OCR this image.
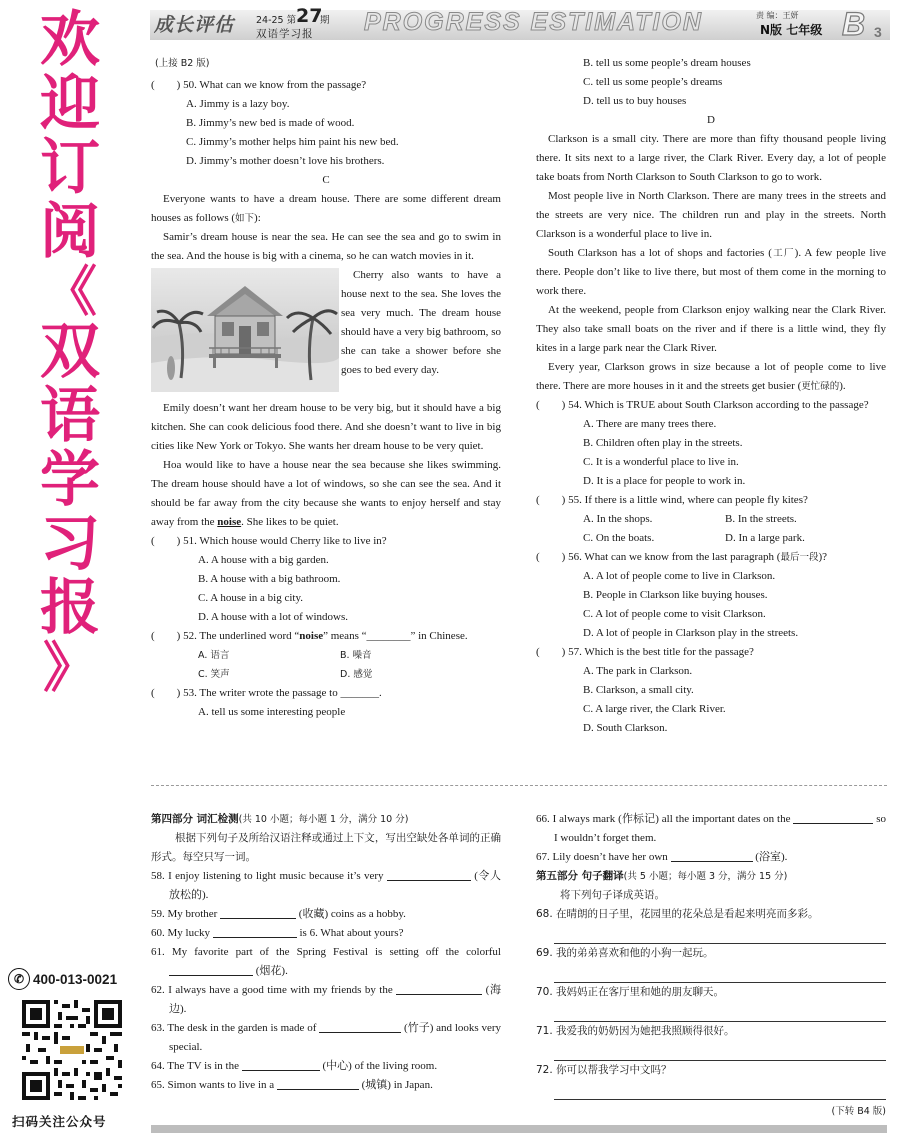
欢
迎
订
阅
《
双
语
学
习
报
》
✆ 400-013-0021
扫码关注公众号
成长评估 24-25 第 27
期
双语学习报 PROGRESS ESTIMATION	责 编：王妍
N版 七年级 B 3

(上接 B2 版)

(　　) 50. What can we know from the passage?

A. Jimmy is a lazy boy.

B. Jimmy’s new bed is made of wood.

C. Jimmy’s mother helps him paint his new bed.

D. Jimmy’s mother doesn’t love his brothers.

C

Everyone wants to have a dream house. There are some different dream houses as follows (如下):

Samir’s dream house is near the sea. He can see the sea and go to swim in the sea. And the house is big with a cinema, so he can watch movies in it.

Cherry also wants to have a house next to the sea. She loves the sea very much. The dream house should have a very big bathroom, so she can take a shower before she goes to bed every day.

Emily doesn’t want her dream house to be very big, but it should have a big kitchen. She can cook delicious food there. And she doesn’t want to live in big cities like New York or Tokyo. She wants her dream house to be very quiet.

Hoa would like to have a house near the sea because she likes swimming. The dream house should have a lot of windows, so she can see the sea. And it should be far away from the city because she wants to enjoy herself and stay away from the noise. She likes to be quiet.

(　　) 51. Which house would Cherry like to live in?

A. A house with a big garden.

B. A house with a big bathroom.

C. A house in a big city.

D. A house with a lot of windows.

(　　) 52. The underlined word “noise” means “________” in Chinese.

A. 语言	B. 噪音
C. 笑声	D. 感觉

(　　) 53. The writer wrote the passage to _______.

A. tell us some interesting people

B. tell us some people’s dream houses

C. tell us some people’s dreams

D. tell us to buy houses

D

Clarkson is a small city. There are more than fifty thousand people living there. It sits next to a large river, the Clark River. Every day, a lot of people take boats from North Clarkson to South Clarkson to go to work.

Most people live in North Clarkson. There are many trees in the streets and the streets are very nice. The children run and play in the streets. North Clarkson is a wonderful place to live in.

South Clarkson has a lot of shops and factories (工厂). A few people live there. People don’t like to live there, but most of them come in the morning to work there.

At the weekend, people from Clarkson enjoy walking near the Clark River. They also take small boats on the river and if there is a little wind, they fly kites in a large park near the Clark River.

Every year, Clarkson grows in size because a lot of people come to live there. There are more houses in it and the streets get busier (更忙碌的).

(　　) 54. Which is TRUE about South Clarkson according to the passage?

A. There are many trees there.

B. Children often play in the streets.

C. It is a wonderful place to live in.

D. It is a place for people to work in.

(　　) 55. If there is a little wind, where can people fly kites?

A. In the shops.	B. In the streets.
C. On the boats.	D. In a large park.

(　　) 56. What can we know from the last paragraph (最后一段)?

A. A lot of people come to live in Clarkson.

B. People in Clarkson like buying houses.

C. A lot of people come to visit Clarkson.

D. A lot of people in Clarkson play in the streets.

(　　) 57. Which is the best title for the passage?

A. The park in Clarkson.

B. Clarkson, a small city.

C. A large river, the Clark River.

D. South Clarkson.

第四部分 词汇检测(共 10 小题；每小题 1 分，满分 10 分)

根据下列句子及所给汉语注释或通过上下文，写出空缺处各单词的正确形式。每空只写一词。

58. I enjoy listening to light music because it’s very	(令人放松的).

59. My brother	(收藏) coins as a hobby.

60. My lucky	is 6. What about yours?

61. My favorite part of the Spring Festival is setting off the colorful (烟花).

62. I always have a good time with my friends by the	(海边).

63. The desk in the garden is made of	(竹子) and looks very special.

64. The TV is in the	(中心) of the living room.

65. Simon wants to live in a	(城镇) in Japan.

66. I always mark (作标记) all the important dates on the	so I wouldn’t forget them.

67. Lily doesn’t have her own	(浴室).

第五部分 句子翻译(共 5 小题；每小题 3 分，满分 15 分)

将下列句子译成英语。

68. 在晴朗的日子里，花园里的花朵总是看起来明亮而多彩。

69. 我的弟弟喜欢和他的小狗一起玩。

70. 我妈妈正在客厅里和她的朋友聊天。

71. 我爱我的奶奶因为她把我照顾得很好。

72. 你可以帮我学习中文吗？

(下转 B4 版)
